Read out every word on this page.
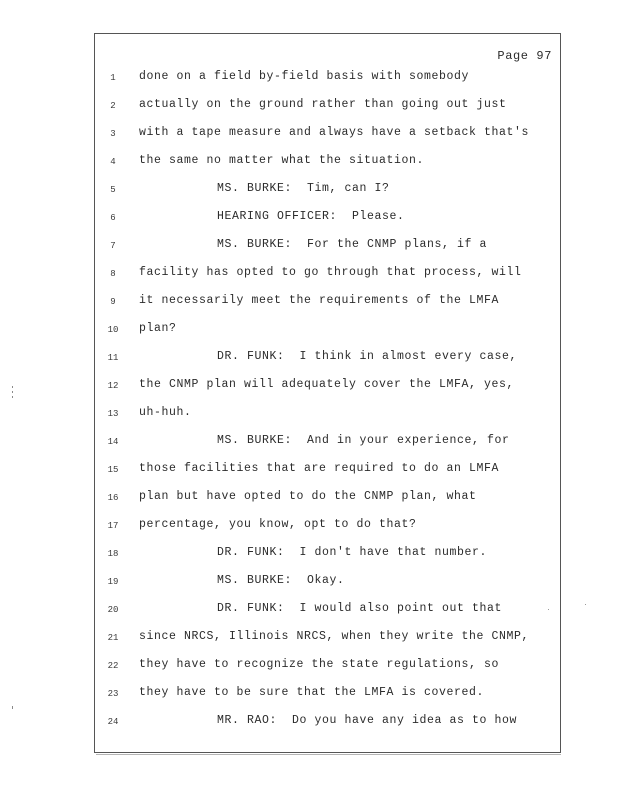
Page 97
1	done on a field by-field basis with somebody
2	actually on the ground rather than going out just
3	with a tape measure and always have a setback that's
4	the same no matter what the situation.
5	MS. BURKE:  Tim, can I?
6	HEARING OFFICER:  Please.
7	MS. BURKE:  For the CNMP plans, if a
8	facility has opted to go through that process, will
9	it necessarily meet the requirements of the LMFA
10	plan?
11	DR. FUNK:  I think in almost every case,
12	the CNMP plan will adequately cover the LMFA, yes,
13	uh-huh.
14	MS. BURKE:  And in your experience, for
15	those facilities that are required to do an LMFA
16	plan but have opted to do the CNMP plan, what
17	percentage, you know, opt to do that?
18	DR. FUNK:  I don't have that number.
19	MS. BURKE:  Okay.
20	DR. FUNK:  I would also point out that
21	since NRCS, Illinois NRCS, when they write the CNMP,
22	they have to recognize the state regulations, so
23	they have to be sure that the LMFA is covered.
24	MR. RAO:  Do you have any idea as to how
